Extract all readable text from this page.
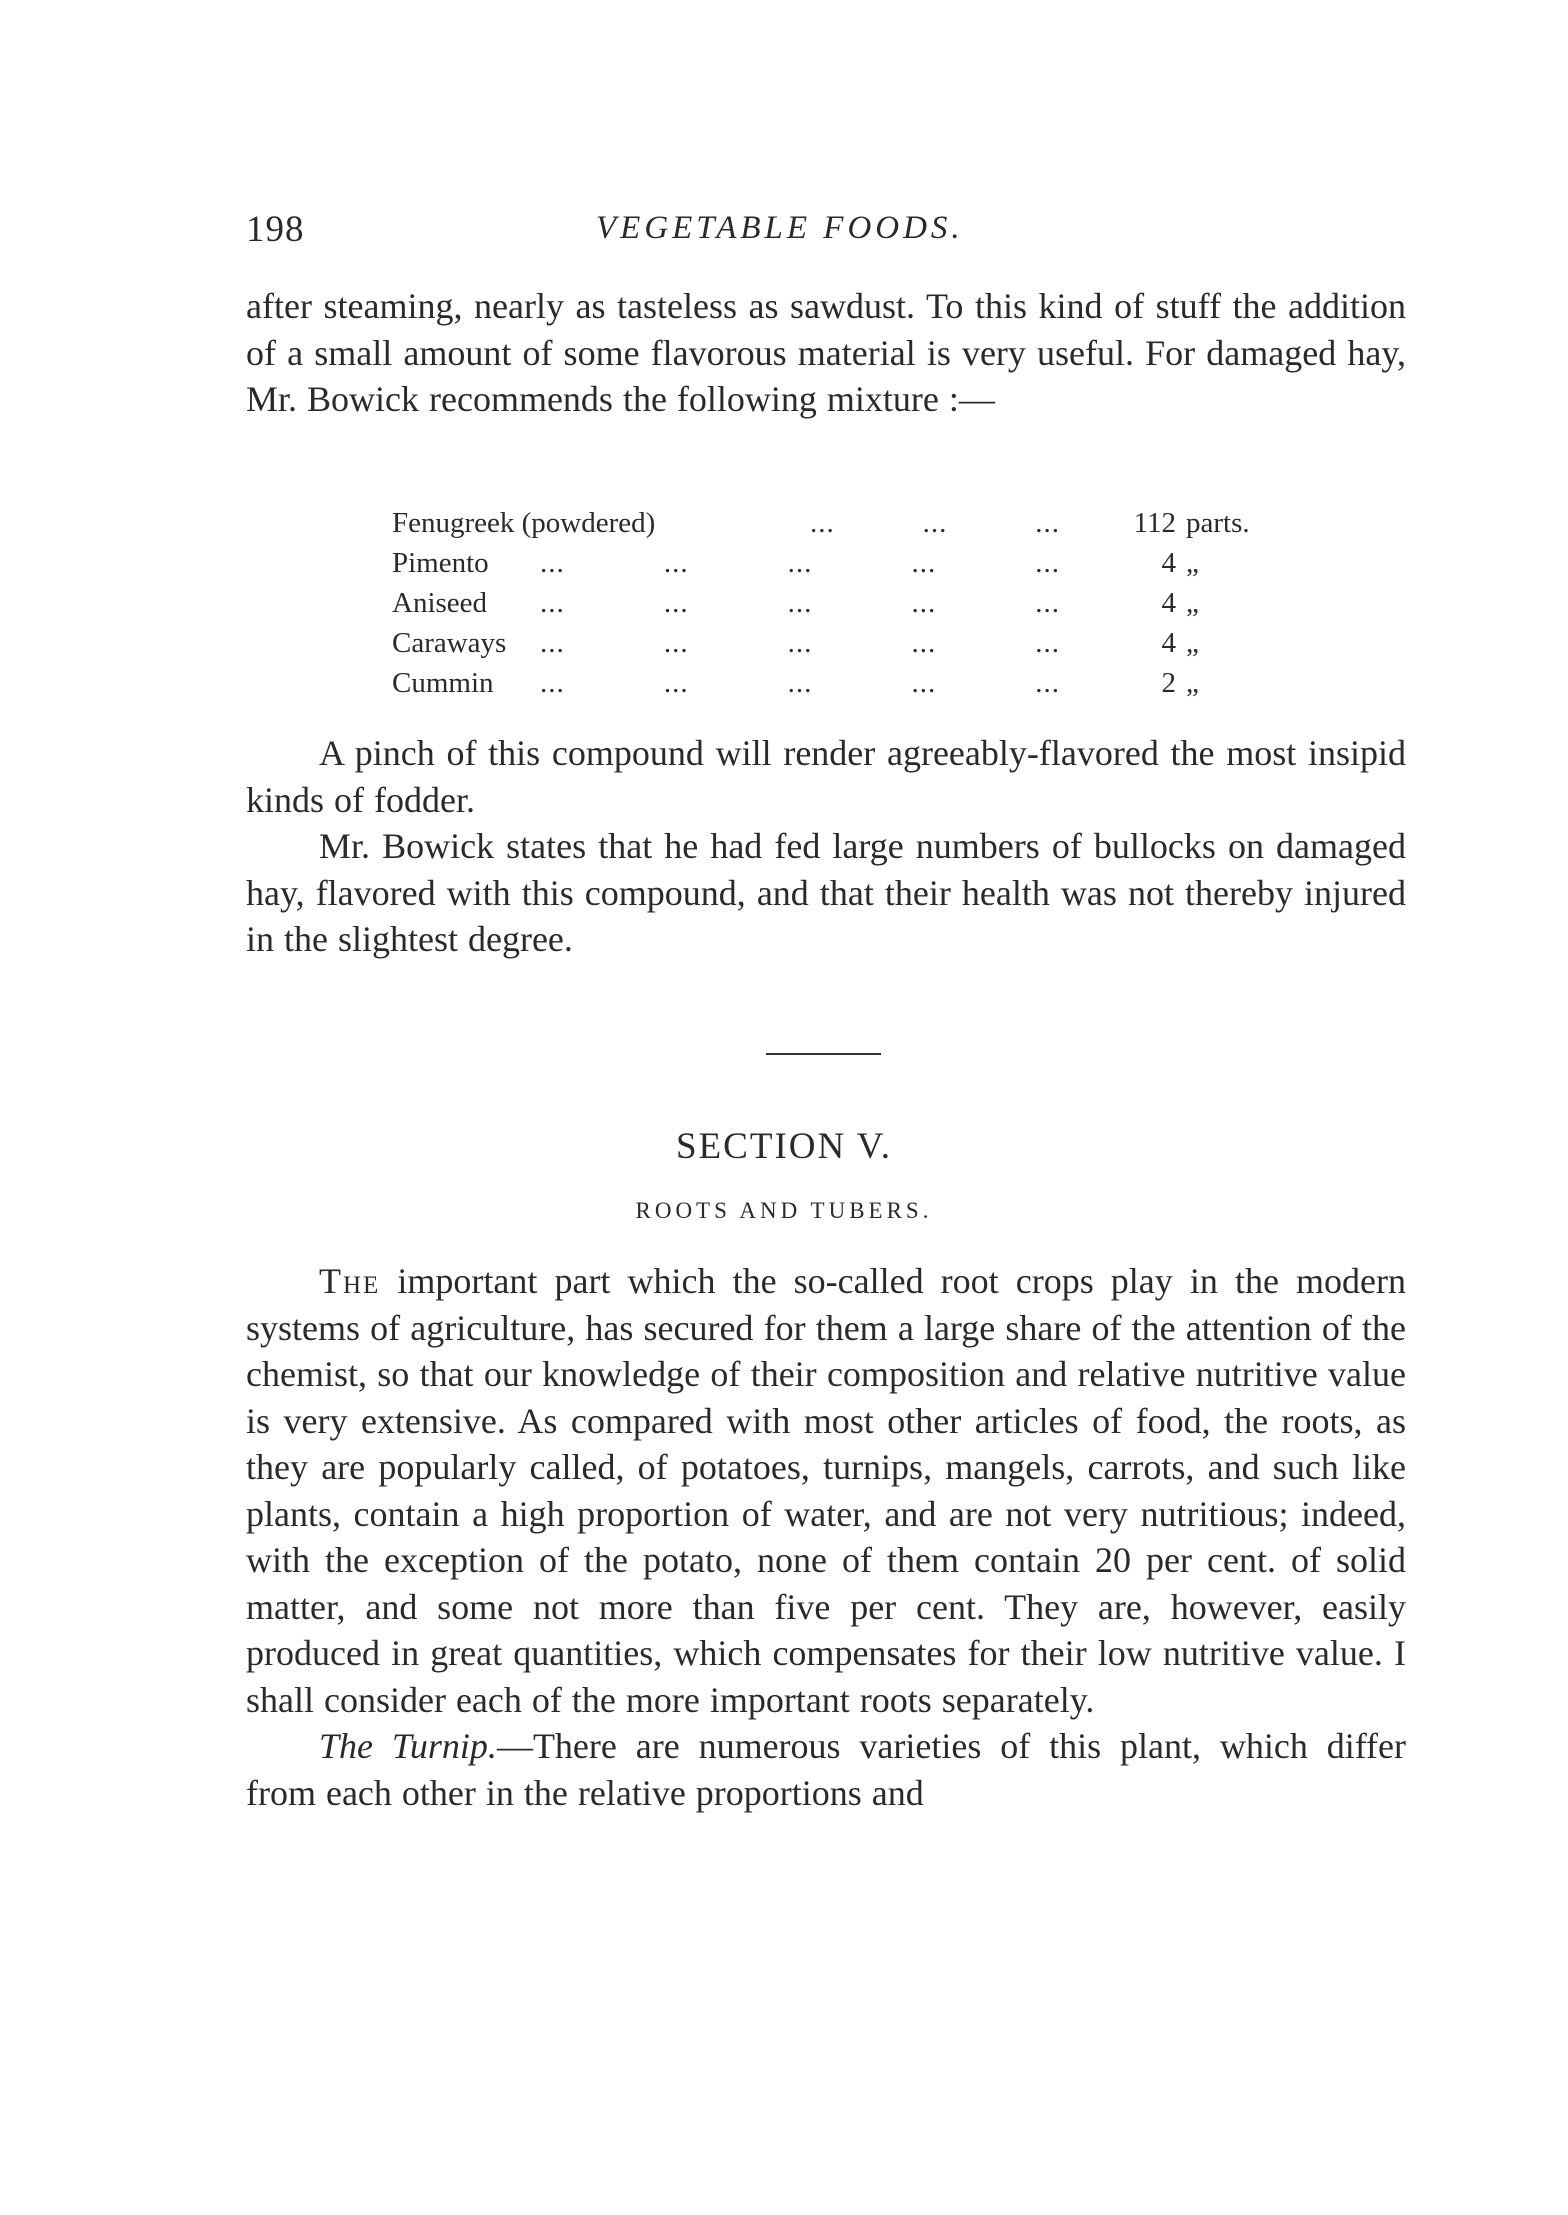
198	VEGETABLE FOODS.

after steaming, nearly as tasteless as sawdust. To this kind of stuff the addition of a small amount of some flavorous material is very useful. For damaged hay, Mr. Bowick recommends the following mixture :—

Fenugreek (powdered)	...	...	...	112 parts.
Pimento ...	...	...	...	...	4 „
Aniseed ...	...	...	...	...	4 „
Caraways ...	...	...	...	...	4 „
Cummin ...	...	...	...	...	2 „

A pinch of this compound will render agreeably-flavored the most insipid kinds of fodder.

Mr. Bowick states that he had fed large numbers of bullocks on damaged hay, flavored with this compound, and that their health was not thereby injured in the slightest degree.

SECTION V.
ROOTS AND TUBERS.

The important part which the so-called root crops play in the modern systems of agriculture, has secured for them a large share of the attention of the chemist, so that our knowledge of their composition and relative nutritive value is very extensive. As compared with most other articles of food, the roots, as they are popularly called, of potatoes, turnips, mangels, carrots, and such like plants, contain a high proportion of water, and are not very nutritious; indeed, with the exception of the potato, none of them contain 20 per cent. of solid matter, and some not more than five per cent. They are, however, easily produced in great quantities, which compensates for their low nutritive value. I shall consider each of the more important roots separately.

The Turnip.—There are numerous varieties of this plant, which differ from each other in the relative proportions and
